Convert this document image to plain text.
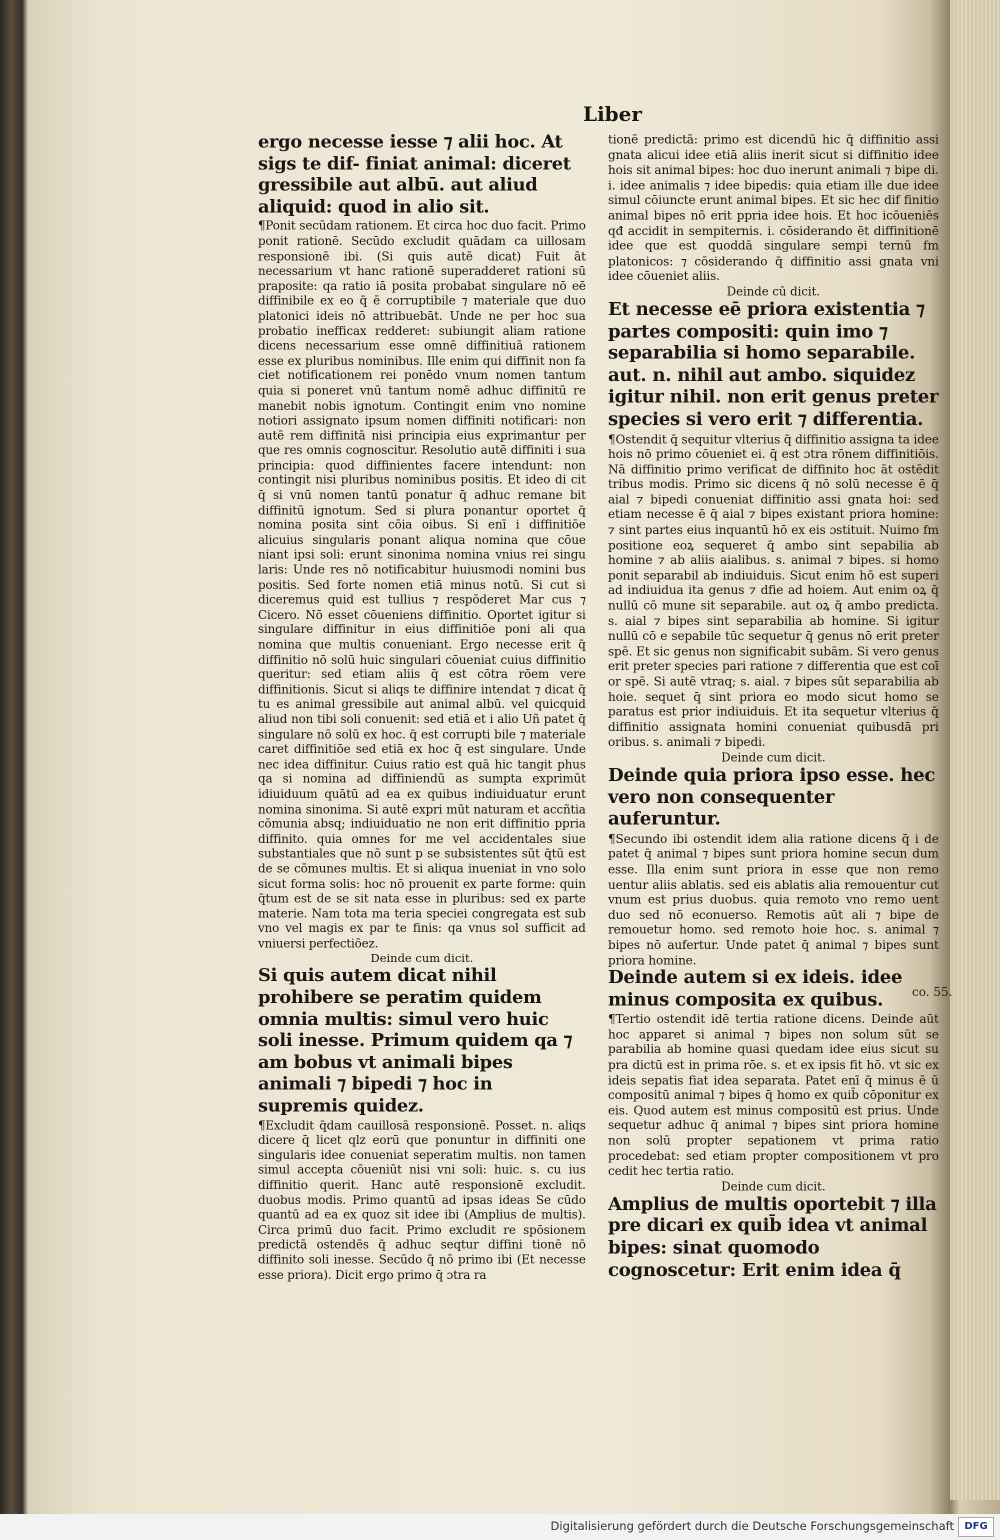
Liber

ergo necesse iesse ⁊ alii hoc. At sigs te dif- finiat animal: diceret gressibile aut albū. aut aliud aliquid: quod in alio sit.

¶Ponit secūdam rationem. Et circa hoc duo facit. Primo ponit rationē. Secūdo excludit quādam ca uillosam responsionē ibi. (Si quis autē dicat) Fuit āt necessarium vt hanc rationē superadderet rationi sū praposite: qa ratio iā posita probabat singulare nō eē diffinibile ex eo q̄ ē corruptibile ⁊ materiale que duo platonici ideis nō attribuebāt. Unde ne per hoc sua probatio inefficax redderet: subiungit aliam ratione dicens necessarium esse omnē diffinitiuā rationem esse ex pluribus nominibus. Ille enim qui diffinit non fa ciet notificationem rei ponēdo vnum nomen tantum quia si poneret vnū tantum nomē adhuc diffinitū re manebit nobis ignotum. Contingit enim vno nomine notiori assignato ipsum nomen diffiniti notificari: non autē rem diffinitā nisi principia eius exprimantur per que res omnis cognoscitur. Resolutio autē diffiniti i sua principia: quod diffinientes facere intendunt: non contingit nisi pluribus nominibus positis. Et ideo di cit q̄ si vnū nomen tantū ponatur q̄ adhuc remane bit diffinitū ignotum. Sed si plura ponantur oportet q̄ nomina posita sint cōia oibus. Si enī i diffinitiōe alicuius singularis ponant aliqua nomina que cōue niant ipsi soli: erunt sinonima nomina vnius rei singu laris: Unde res nō notificabitur huiusmodi nomini bus positis. Sed forte nomen etiā minus notū. Si cut si diceremus quid est tullius ⁊ respōderet Mar cus ⁊ Cicero. Nō esset cōueniens diffinitio. Oportet igitur si singulare diffinitur in eius diffinitiōe poni ali qua nomina que multis conueniant. Ergo necesse erit q̄ diffinitio nō solū huic singulari cōueniat cuius diffinitio queritur: sed etiam aliis q̄ est cōtra rōem vere diffinitionis. Sicut si aliqs te diffinire intendat ⁊ dicat q̄ tu es animal gressibile aut animal albū. vel quicquid aliud non tibi soli conuenit: sed etiā et i alio Uñ patet q̄ singulare nō solū ex hoc. q̄ est corrupti bile ⁊ materiale caret diffinitiōe sed etiā ex hoc q̄ est singulare. Unde nec idea diffinitur. Cuius ratio est quā hic tangit phus qa si nomina ad diffiniendū as sumpta exprimūt idiuiduum quātū ad ea ex quibus indiuiduatur erunt nomina sinonima. Si autē expri mūt naturam et accñtia cōmunia absq; indiuiduatio ne non erit diffinitio ppria diffinito. quia omnes for me vel accidentales siue substantiales que nō sunt p se subsistentes sūt q̄tū est de se cōmunes multis. Et si aliqua inueniat in vno solo sicut forma solis: hoc nō prouenit ex parte forme: quin q̄tum est de se sit nata esse in pluribus: sed ex parte materie. Nam tota ma teria speciei congregata est sub vno vel magis ex par te finis: qa vnus sol sufficit ad vniuersi perfectiōez.

Deinde cum dicit.

Si quis autem dicat nihil prohibere se peratim quidem omnia multis: simul vero huic soli inesse. Primum quidem qa ⁊ am bobus vt animali bipes animali ⁊ bipedi ⁊ hoc in supremis quidez.

¶Excludit q̄dam cauillosā responsionē. Posset. n. aliqs dicere q̄ licet qlz eorū que ponuntur in diffiniti one singularis idee conueniat seperatim multis. non tamen simul accepta cōueniūt nisi vni soli: huic. s. cu ius diffinitio querit. Hanc autē responsionē excludit. duobus modis. Primo quantū ad ipsas ideas Se cūdo quantū ad ea ex quoz sit idee ibi (Amplius de multis). Circa primū duo facit. Primo excludit re spōsionem predictā ostendēs q̄ adhuc seqtur diffini tionē nō diffinito soli inesse. Secūdo q̄ nō primo ibi (Et necesse esse priora). Dicit ergo primo q̄ ɔtra ra

tionē predictā: primo est dicendū hic q̄ diffinitio assi gnata alicui idee etiā aliis inerit sicut si diffinitio idee hois sit animal bipes: hoc duo inerunt animali ⁊ bipe di. i. idee animalis ⁊ idee bipedis: quia etiam ille due idee simul cōiuncte erunt animal bipes. Et sic hec dif finitio animal bipes nō erit ppria idee hois. Et hoc icōueniēs qđ accidit in sempiternis. i. cōsiderando ēt diffinitionē idee que est quoddā singulare sempi ternū fm platonicos: ⁊ cōsiderando q̄ diffinitio assi gnata vni idee cōueniet aliis.

Deinde cū dicit.

Et necesse eē priora existentia ⁊ partes compositi: quin imo ⁊ separabilia si homo separabile. aut. n. nihil aut ambo. siquidez igitur nihil. non erit genus preter species si vero erit ⁊ differentia.

¶Ostendit q̄ sequitur vlterius q̄ diffinitio assigna ta idee hois nō primo cōueniet ei. q̄ est ɔtra rōnem diffinitiōis. Nā diffinitio primo verificat de diffinito hoc āt ostēdit tribus modis. Primo sic dicens q̄ nō solū necesse ē q̄ aial ⁊ bipedi conueniat diffinitio assi gnata hoi: sed etiam necesse ē q̄ aial ⁊ bipes existant priora homine: ⁊ sint partes eius inquantū hō ex eis ɔstituit. Nuimo fm positione eoꝝ sequeret q̄ ambo sint sepabilia ab homine ⁊ ab aliis aialibus. s. animal ⁊ bipes. si homo ponit separabil ab indiuiduis. Sicut enim hō est superi ad indiuidua ita genus ⁊ dfie ad hoiem. Aut enim oꝝ q̄ nullū cō mune sit separabile. aut oꝝ q̄ ambo predicta. s. aial ⁊ bipes sint separabilia ab homine. Si igitur nullū cō e sepabile tūc sequetur q̄ genus nō erit preter spē. Et sic genus non significabit subām. Si vero genus erit preter species pari ratione ⁊ differentia que est coī or spē. Si autē vtraq; s. aial. ⁊ bipes sūt separabilia ab hoie. sequet q̄ sint priora eo modo sicut homo se paratus est prior indiuiduis. Et ita sequetur vlterius q̄ diffinitio assignata homini conueniat quibusdā pri oribus. s. animali ⁊ bipedi.

Deinde cum dicit.

Deinde quia priora ipso esse. hec vero non consequenter auferuntur.

¶Secundo ibi ostendit idem alia ratione dicens q̄ i de patet q̄ animal ⁊ bipes sunt priora homine secun dum esse. Illa enim sunt priora in esse que non remo uentur aliis ablatis. sed eis ablatis alia remouentur cut vnum est prius duobus. quia remoto vno remo uent duo sed nō econuerso. Remotis aūt ali ⁊ bipe de remouetur homo. sed remoto hoie hoc. s. animal ⁊ bipes nō aufertur. Unde patet q̄ animal ⁊ bipes sunt priora homine.

Deinde autem si ex ideis. idee minus composita ex quibus.

¶Tertio ostendit idē tertia ratione dicens. Deinde aūt hoc apparet si animal ⁊ bipes non solum sūt se parabilia ab homine quasi quedam idee eius sicut su pra dictū est in prima rōe. s. et ex ipsis fit hō. vt sic ex ideis sepatis fiat idea separata. Patet enī q̄ minus ē ū compositū animal ⁊ bipes q̄ homo ex quib̄ cōponitur ex eis. Quod autem est minus compositū est prius. Unde sequetur adhuc q̄ animal ⁊ bipes sint priora homine non solū propter sepationem vt prima ratio procedebat: sed etiam propter compositionem vt pro cedit hec tertia ratio.

Deinde cum dicit.

Amplius de multis oportebit ⁊ illa pre dicari ex quib̄ idea vt animal bipes: sinat quomodo cognoscetur: Erit enim idea q̄

co. 55.
Digitalisierung gefördert durch die Deutsche Forschungsgemeinschaft	DFG
